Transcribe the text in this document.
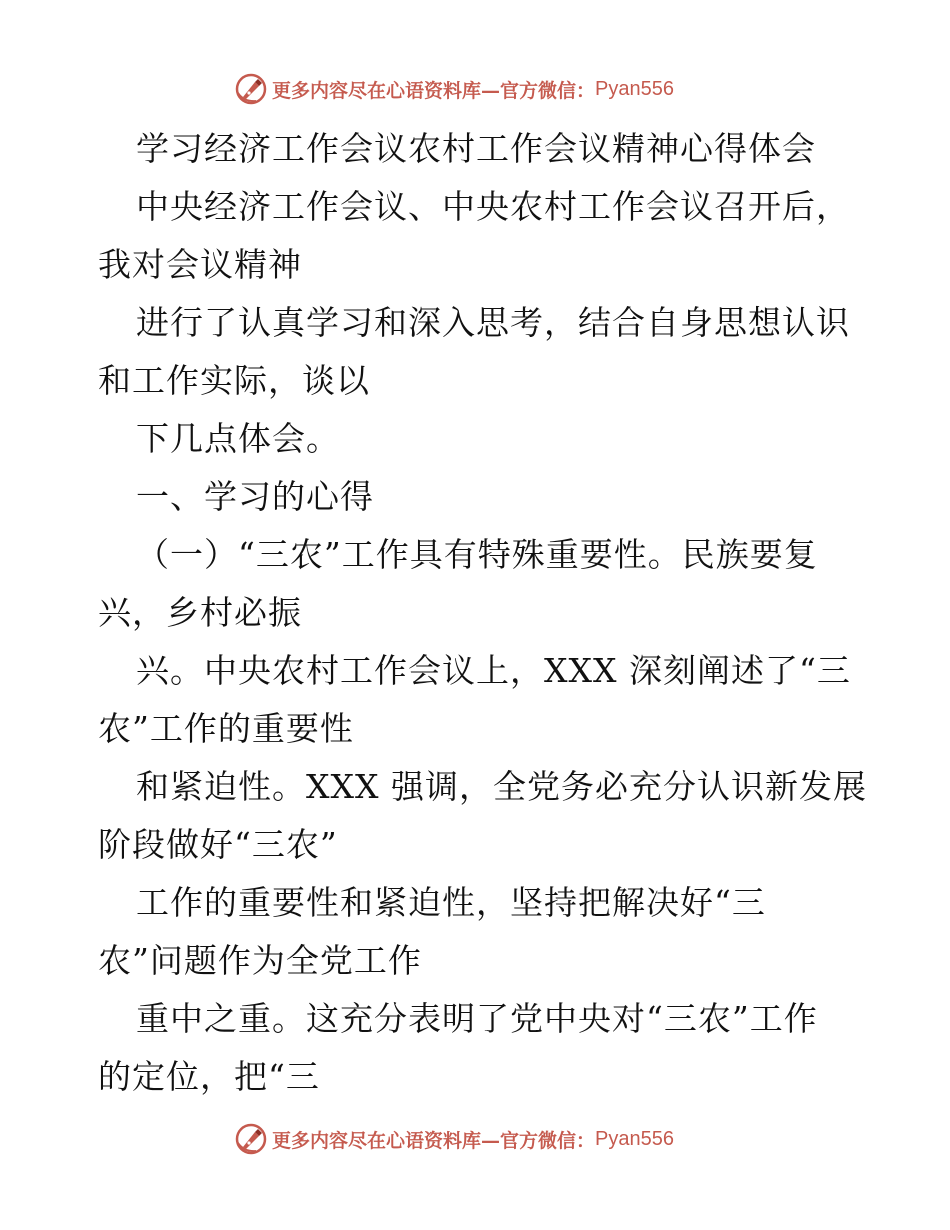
更多内容尽在心语资料库—官方微信： Pyan556
学习经济工作会议农村工作会议精神心得体会
中央经济工作会议、中央农村工作会议召开后，
我对会议精神
进行了认真学习和深入思考，结合自身思想认识
和工作实际，谈以
下几点体会。
一、学习的心得
（一）“三农”工作具有特殊重要性。民族要复
兴，乡村必振
兴。中央农村工作会议上，XXX 深刻阐述了“三
农”工作的重要性
和紧迫性。XXX 强调，全党务必充分认识新发展
阶段做好“三农”
工作的重要性和紧迫性，坚持把解决好“三
农”问题作为全党工作
重中之重。这充分表明了党中央对“三农”工作
的定位，把“三
更多内容尽在心语资料库—官方微信： Pyan556
